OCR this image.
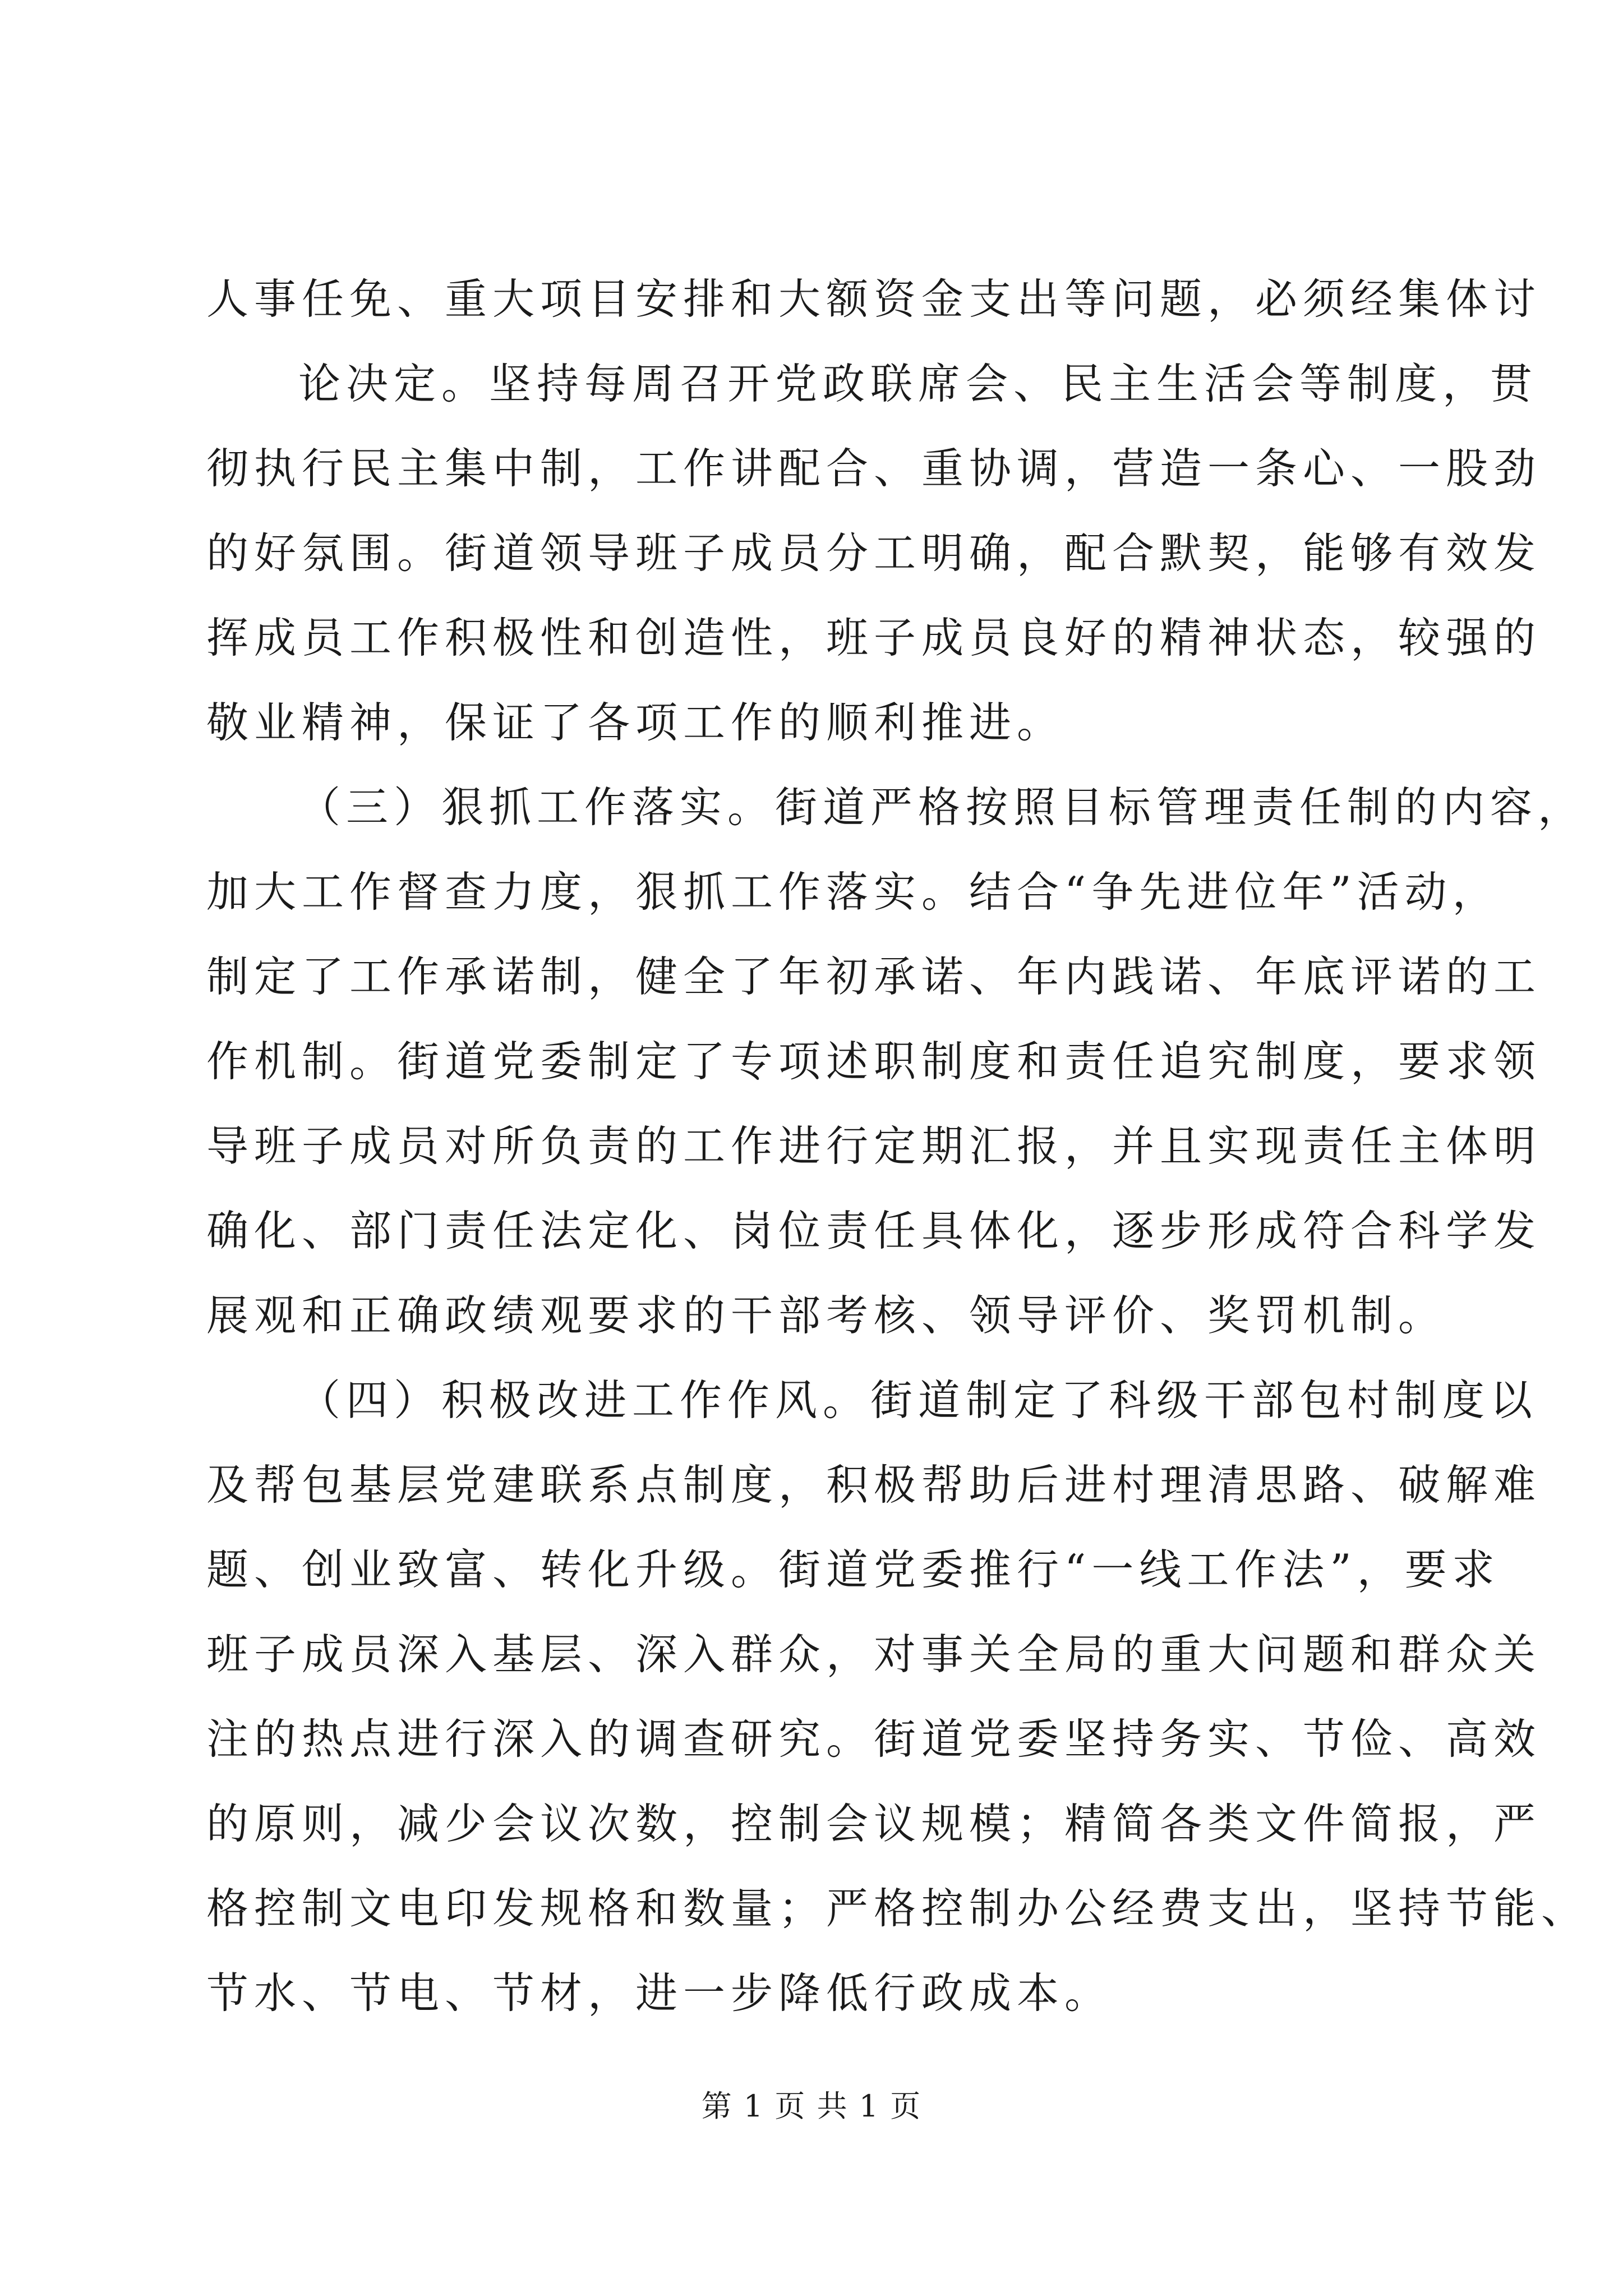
人事任免、重大项目安排和大额资金支出等问题，必须经集体讨
论决定。坚持每周召开党政联席会、民主生活会等制度，贯
彻执行民主集中制，工作讲配合、重协调，营造一条心、一股劲
的好氛围。街道领导班子成员分工明确，配合默契，能够有效发
挥成员工作积极性和创造性，班子成员良好的精神状态，较强的
敬业精神，保证了各项工作的顺利推进。
（三）狠抓工作落实。街道严格按照目标管理责任制的内容，
加大工作督查力度，狠抓工作落实。结合“争先进位年”活动，
制定了工作承诺制，健全了年初承诺、年内践诺、年底评诺的工
作机制。街道党委制定了专项述职制度和责任追究制度，要求领
导班子成员对所负责的工作进行定期汇报，并且实现责任主体明
确化、部门责任法定化、岗位责任具体化，逐步形成符合科学发
展观和正确政绩观要求的干部考核、领导评价、奖罚机制。
（四）积极改进工作作风。街道制定了科级干部包村制度以
及帮包基层党建联系点制度，积极帮助后进村理清思路、破解难
题、创业致富、转化升级。街道党委推行“一线工作法”，要求
班子成员深入基层、深入群众，对事关全局的重大问题和群众关
注的热点进行深入的调查研究。街道党委坚持务实、节俭、高效
的原则，减少会议次数，控制会议规模；精简各类文件简报，严
格控制文电印发规格和数量；严格控制办公经费支出，坚持节能、
节水、节电、节材，进一步降低行政成本。
第 1 页 共 1 页
